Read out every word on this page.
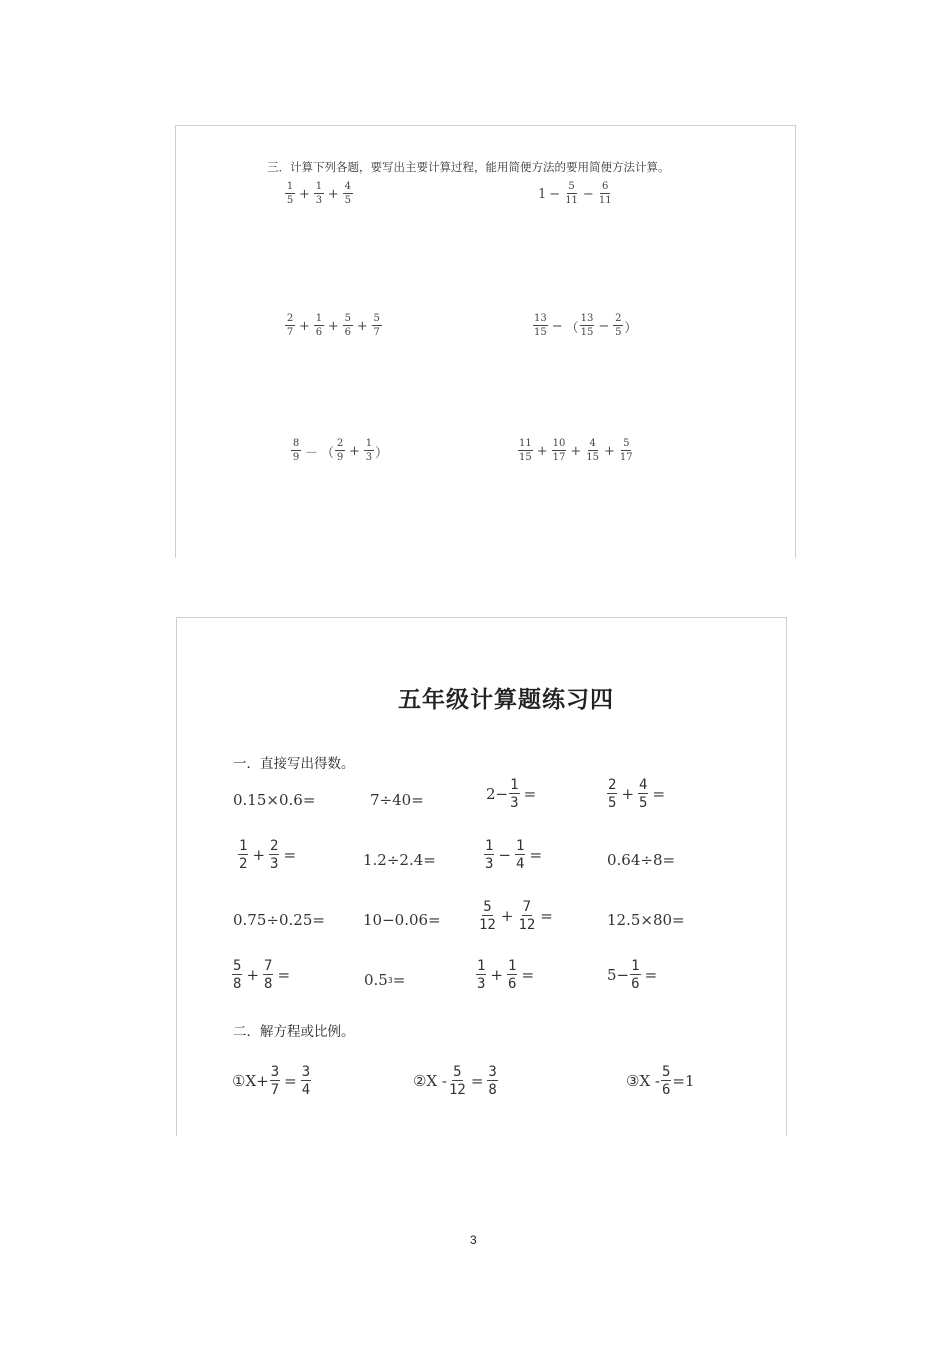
三．计算下列各题，要写出主要计算过程，能用简便方法的要用简便方法计算。
$\frac{1}{5} + \frac{1}{3} + \frac{4}{5}$	$1 - \frac{5}{11} - \frac{6}{11}$
$\frac{2}{7} + \frac{1}{6} + \frac{5}{6} + \frac{5}{7}$	$\frac{13}{15}$ − （ $\frac{13}{15} - \frac{2}{5}$ ）
$\frac{8}{9}$ － （ $\frac{2}{9} + \frac{1}{3}$ ）	$\frac{11}{15} + \frac{10}{17} + \frac{4}{15} + \frac{5}{17}$
五年级计算题练习四
一．直接写出得数。
0.15×0.6=	7÷40=	$2- \frac{1}{3}$ =	$\frac{2}{5} + \frac{4}{5}$ =
$\frac{1}{2} + \frac{2}{3}$ =	1.2÷2.4=	$\frac{1}{3} - \frac{1}{4}$ =	0.64÷8=
0.75÷0.25=	10−0.06=	$\frac{5}{12} + \frac{7}{12}$ =	12.5×80=
$\frac{5}{8} + \frac{7}{8}$ =	0.5 3 =	$\frac{1}{3} + \frac{1}{6}$ =	$5- \frac{1}{6}$ =
二．解方程或比例。
①X+ $\frac{3}{7} = \frac{3}{4}$	②X - $\frac{5}{12} = \frac{3}{8}$	③X - $\frac{5}{6} =1$
3
